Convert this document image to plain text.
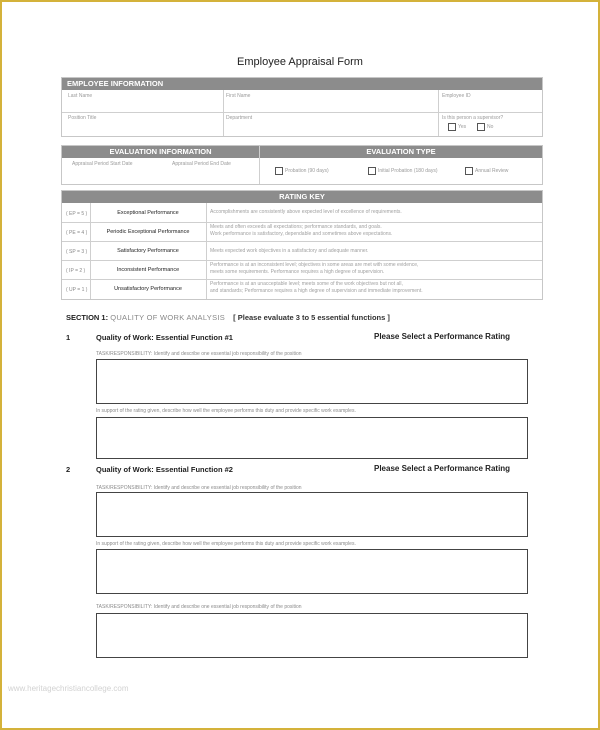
Employee Appraisal Form
EMPLOYEE INFORMATION
Last Name	First Name	Employee ID
Position Title	Department	Is this person a supervisor?
Yes	No
EVALUATION INFORMATION	EVALUATION TYPE
Appraisal Period Start Date	Appraisal Period End Date
Probation (90 days)	Initial Probation (180 days)	Annual Review
RATING KEY
( EP = 5 )	Exceptional Performance	Accomplishments are consistently above expected level of excellence of requirements.
( PE = 4 )	Periodic Exceptional Performance
Meets and often exceeds all expectations; performance standards, and goals.
Work performance is satisfactory, dependable and sometimes above expectations.
( SP = 3 )	Satisfactory Performance	Meets expected work objectives in a satisfactory and adequate manner.
( IP = 2 )	Inconsistent Performance
Performance is at an inconsistent level; objectives in some areas are met with some evidence,
meets some requirements. Performance requires a high degree of supervision.
( UP = 1 )	Unsatisfactory Performance
Performance is at an unacceptable level; meets some of the work objectives but not all,
and standards; Performance requires a high degree of supervision and immediate improvement.
SECTION 1: QUALITY OF WORK ANALYSIS [ Please evaluate 3 to 5 essential functions ]
1	Quality of Work: Essential Function #1	Please Select a Performance Rating
TASK/RESPONSIBILITY: Identify and describe one essential job responsibility of the position
In support of the rating given, describe how well the employee performs this duty and provide specific work examples.
2	Quality of Work: Essential Function #2	Please Select a Performance Rating
TASK/RESPONSIBILITY: Identify and describe one essential job responsibility of the position
In support of the rating given, describe how well the employee performs this duty and provide specific work examples.
TASK/RESPONSIBILITY: Identify and describe one essential job responsibility of the position
www.heritagechristiancollege.com
